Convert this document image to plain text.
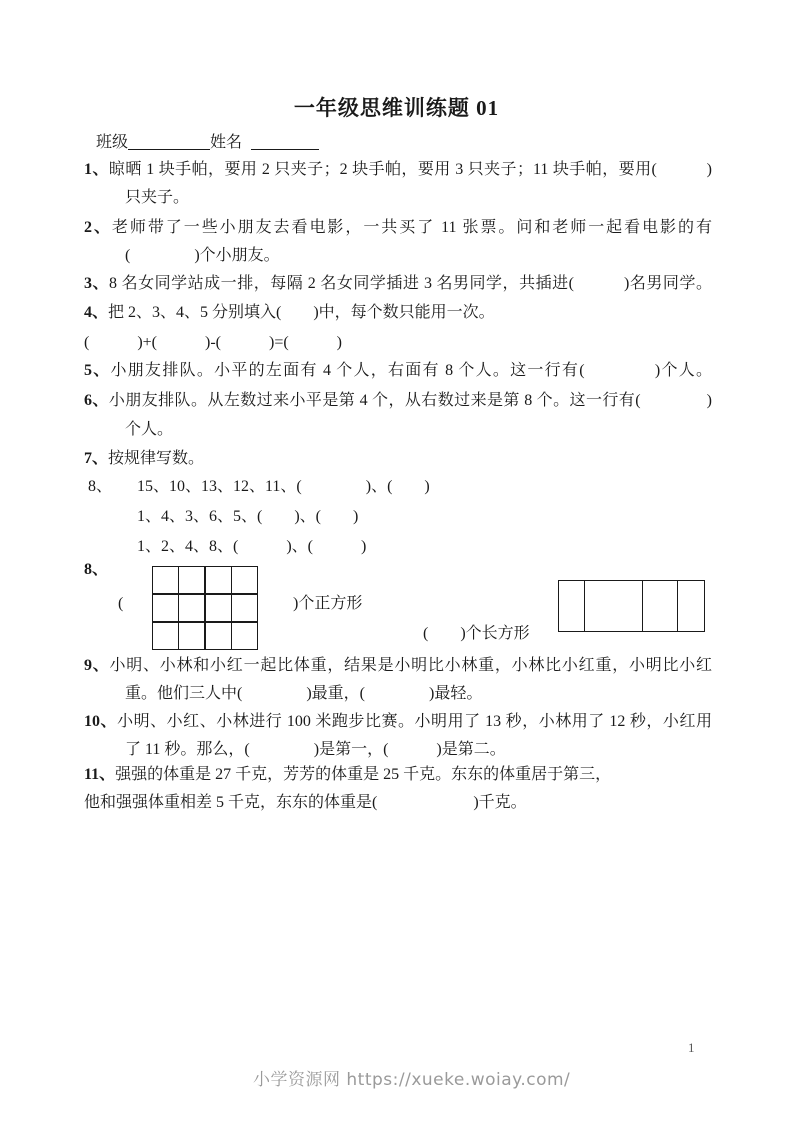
一年级思维训练题 01
班级	姓名
1、晾晒 1 块手帕，要用 2 只夹子；2 块手帕，要用 3 只夹子；11 块手帕，要用(　　　)
只夹子。
2、老师带了一些小朋友去看电影，一共买了 11 张票。问和老师一起看电影的有
(　　　　)个小朋友。
3、8 名女同学站成一排，每隔 2 名女同学插进 3 名男同学，共插进(　　　)名男同学。
4、把 2、3、4、5 分别填入(　　)中，每个数只能用一次。
(　　　)+(　　　)-(　　　)=(　　　)
5、小朋友排队。小平的左面有 4 个人，右面有 8 个人。这一行有(　　　　)个人。
6、小朋友排队。从左数过来小平是第 4 个，从右数过来是第 8 个。这一行有(　　　　)
个人。
7、按规律写数。
8、 15、10、13、12、11、(　　　　)、(　　)
1、4、3、6、5、(　　)、(　　)
1、2、4、8、(　　　)、(　　　)
8、
(	)个正方形
(　　)个长方形
9、小明、小林和小红一起比体重，结果是小明比小林重，小林比小红重，小明比小红
重。他们三人中(　　　　)最重，(　　　　)最轻。
10、小明、小红、小林进行 100 米跑步比赛。小明用了 13 秒，小林用了 12 秒，小红用
了 11 秒。那么，(　　　　)是第一，(　　　)是第二。
11、强强的体重是 27 千克，芳芳的体重是 25 千克。东东的体重居于第三，
他和强强体重相差 5 千克，东东的体重是(　　　　　　)千克。
1
小学资源网 https://xueke.woiay.com/
